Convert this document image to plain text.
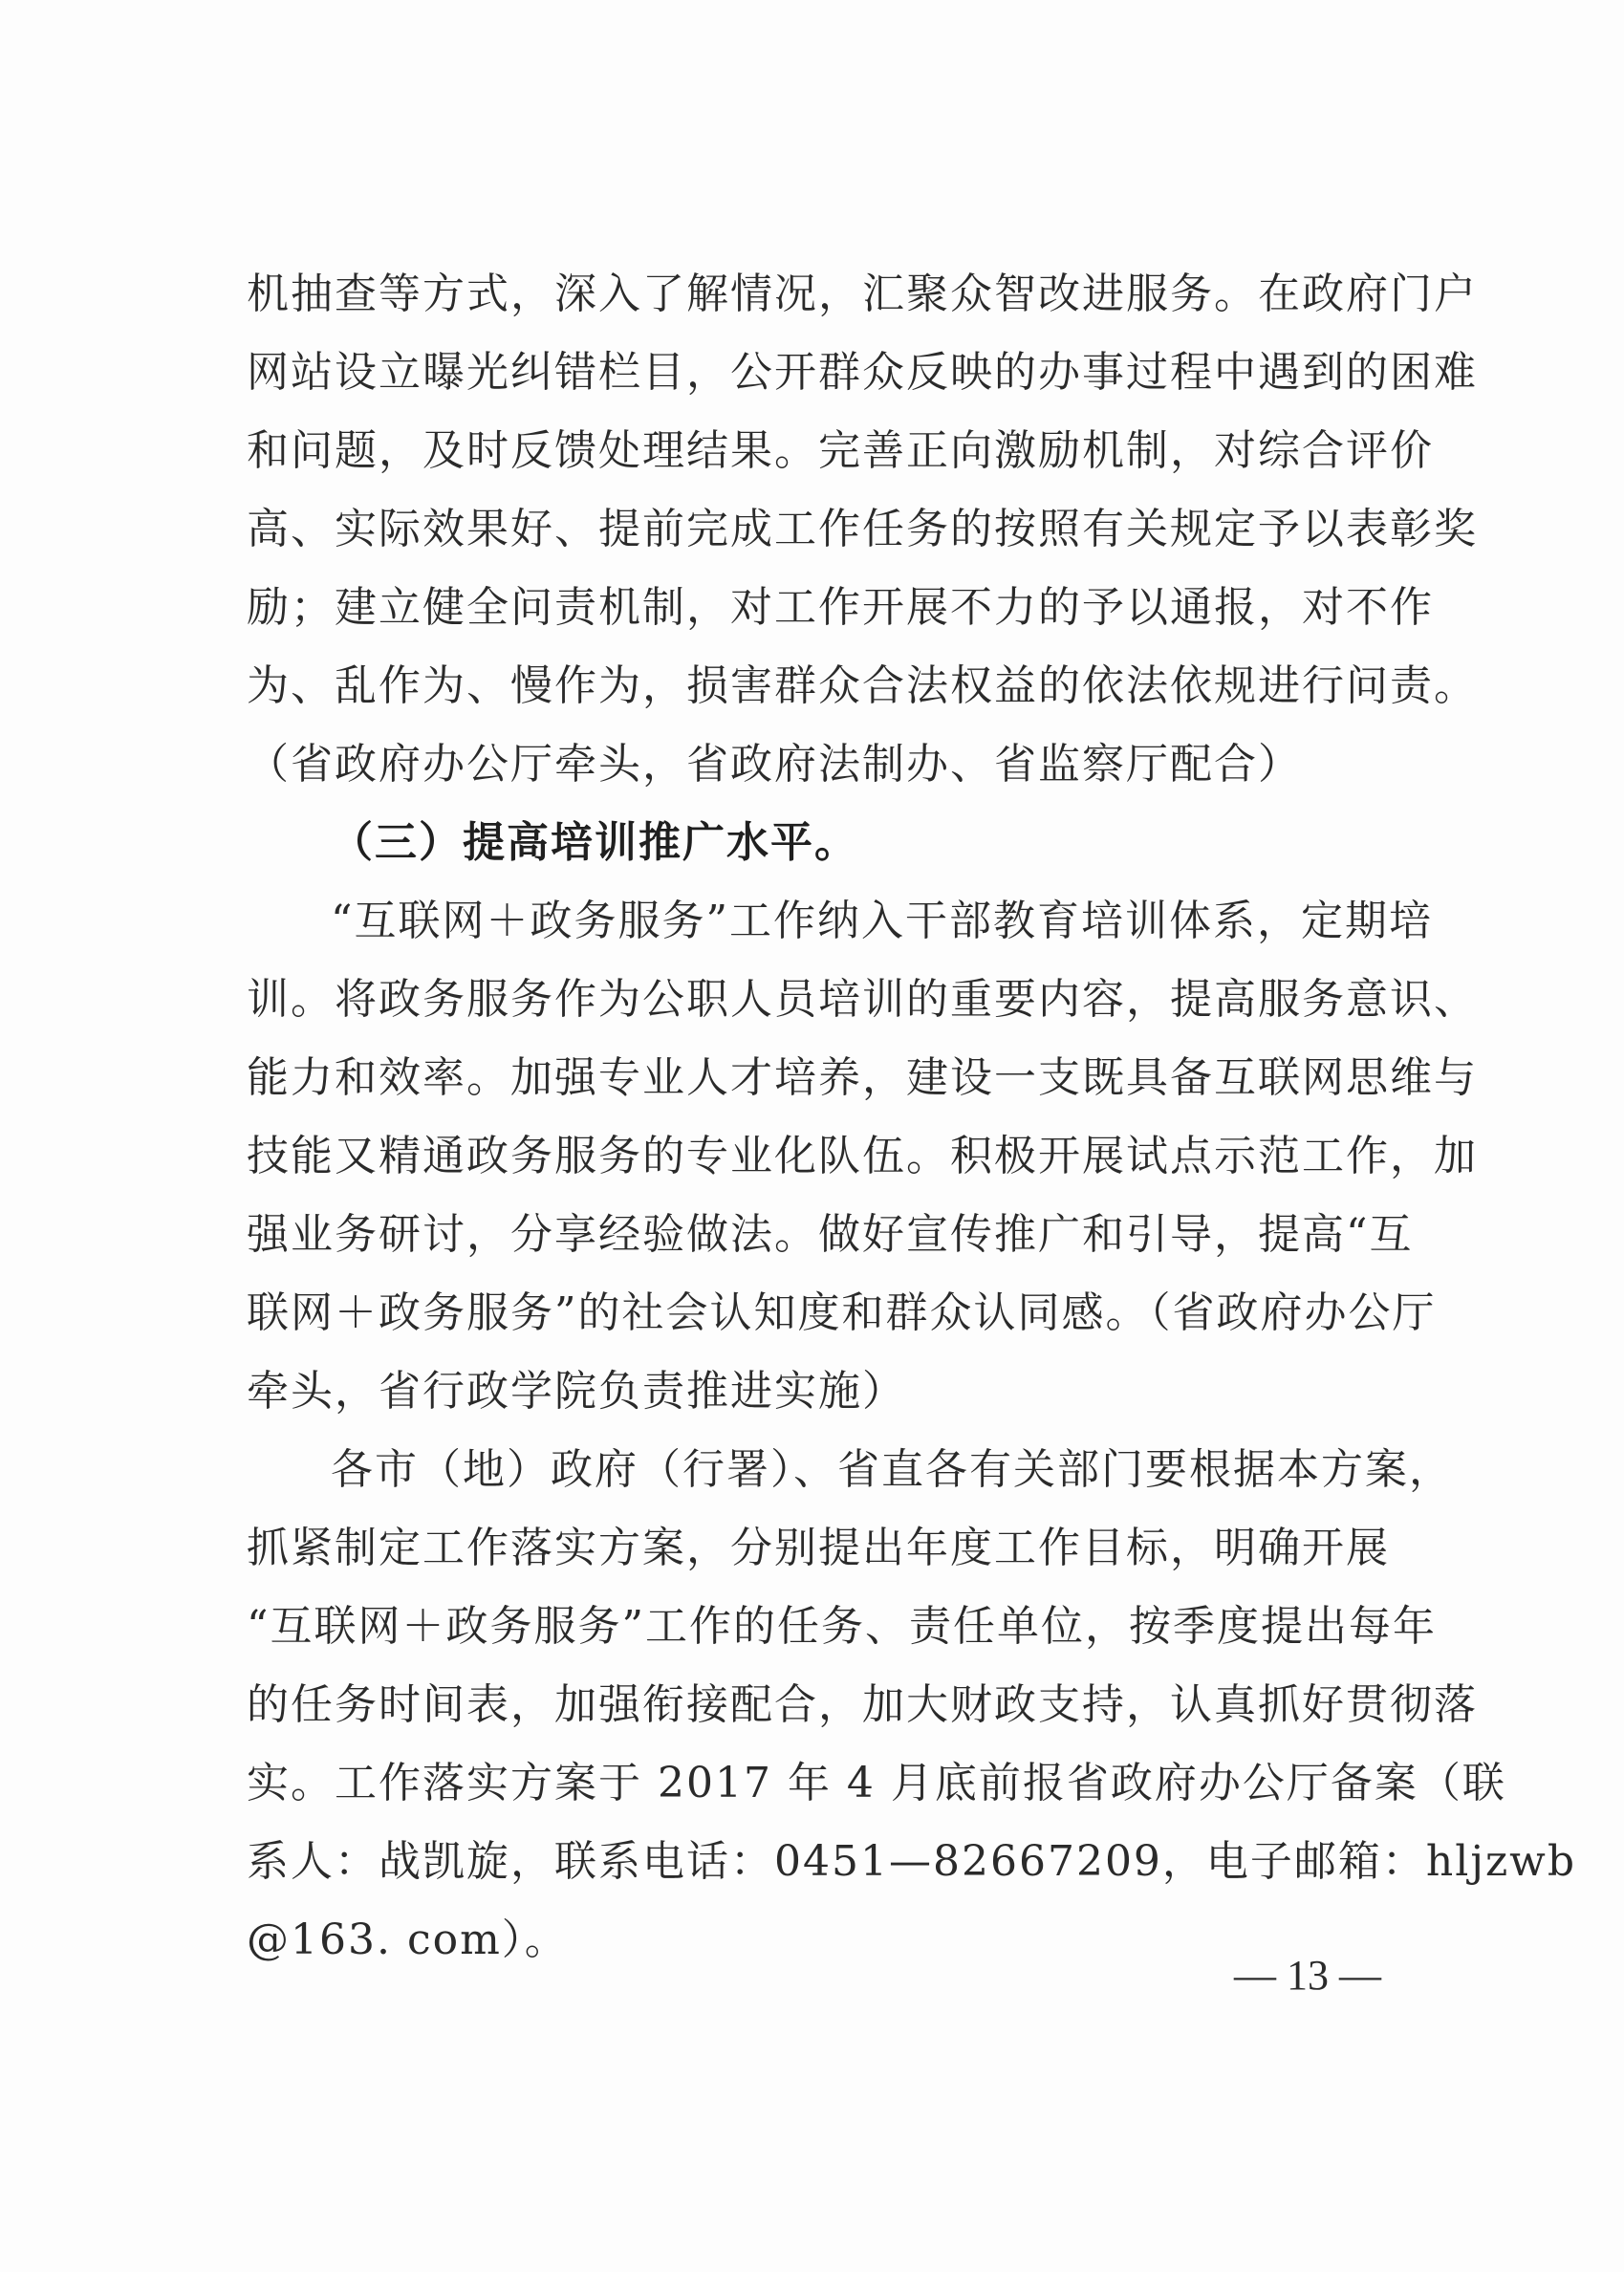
机抽查等方式，深入了解情况，汇聚众智改进服务。在政府门户
网站设立曝光纠错栏目，公开群众反映的办事过程中遇到的困难
和问题，及时反馈处理结果。完善正向激励机制，对综合评价
高、实际效果好、提前完成工作任务的按照有关规定予以表彰奖
励；建立健全问责机制，对工作开展不力的予以通报，对不作
为、乱作为、慢作为，损害群众合法权益的依法依规进行问责。
（省政府办公厅牵头，省政府法制办、省监察厅配合）
（三）提高培训推广水平。
“互联网＋政务服务”工作纳入干部教育培训体系，定期培
训。将政务服务作为公职人员培训的重要内容，提高服务意识、
能力和效率。加强专业人才培养，建设一支既具备互联网思维与
技能又精通政务服务的专业化队伍。积极开展试点示范工作，加
强业务研讨，分享经验做法。做好宣传推广和引导，提高“互
联网＋政务服务”的社会认知度和群众认同感。（省政府办公厅
牵头，省行政学院负责推进实施）
各市（地）政府（行署）、省直各有关部门要根据本方案，
抓紧制定工作落实方案，分别提出年度工作目标，明确开展
“互联网＋政务服务”工作的任务、责任单位，按季度提出每年
的任务时间表，加强衔接配合，加大财政支持，认真抓好贯彻落
实。工作落实方案于 2017 年 4 月底前报省政府办公厅备案（联
系人：战凯旋，联系电话：0451—82667209，电子邮箱：hljzwb
@163. com）。
— 13 —
